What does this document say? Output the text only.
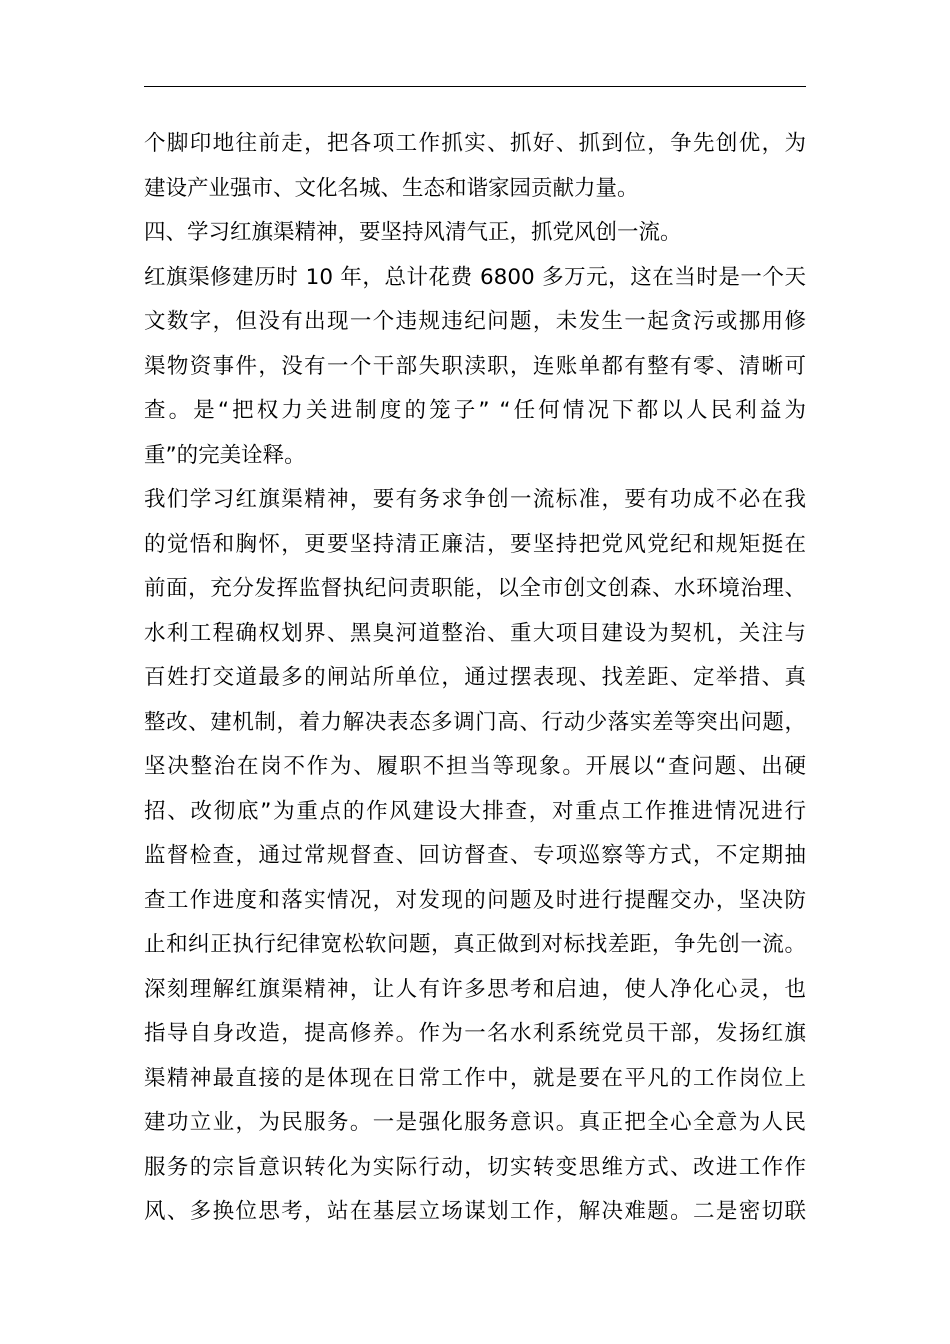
个脚印地往前走，把各项工作抓实、抓好、抓到位，争先创优，为
建设产业强市、文化名城、生态和谐家园贡献力量。
四、学习红旗渠精神，要坚持风清气正，抓党风创一流。
红旗渠修建历时 10 年，总计花费 6800 多万元，这在当时是一个天
文数字，但没有出现一个违规违纪问题，未发生一起贪污或挪用修
渠物资事件，没有一个干部失职渎职，连账单都有整有零、清晰可
查。是“把权力关进制度的笼子” “任何情况下都以人民利益为
重”的完美诠释。
我们学习红旗渠精神，要有务求争创一流标准，要有功成不必在我
的觉悟和胸怀，更要坚持清正廉洁，要坚持把党风党纪和规矩挺在
前面，充分发挥监督执纪问责职能，以全市创文创森、水环境治理、
水利工程确权划界、黑臭河道整治、重大项目建设为契机，关注与
百姓打交道最多的闸站所单位，通过摆表现、找差距、定举措、真
整改、建机制，着力解决表态多调门高、行动少落实差等突出问题，
坚决整治在岗不作为、履职不担当等现象。开展以“查问题、出硬
招、改彻底”为重点的作风建设大排查，对重点工作推进情况进行
监督检查，通过常规督查、回访督查、专项巡察等方式，不定期抽
查工作进度和落实情况，对发现的问题及时进行提醒交办，坚决防
止和纠正执行纪律宽松软问题，真正做到对标找差距，争先创一流。
深刻理解红旗渠精神，让人有许多思考和启迪，使人净化心灵，也
指导自身改造，提高修养。作为一名水利系统党员干部，发扬红旗
渠精神最直接的是体现在日常工作中，就是要在平凡的工作岗位上
建功立业，为民服务。一是强化服务意识。真正把全心全意为人民
服务的宗旨意识转化为实际行动，切实转变思维方式、改进工作作
风、多换位思考，站在基层立场谋划工作，解决难题。二是密切联
